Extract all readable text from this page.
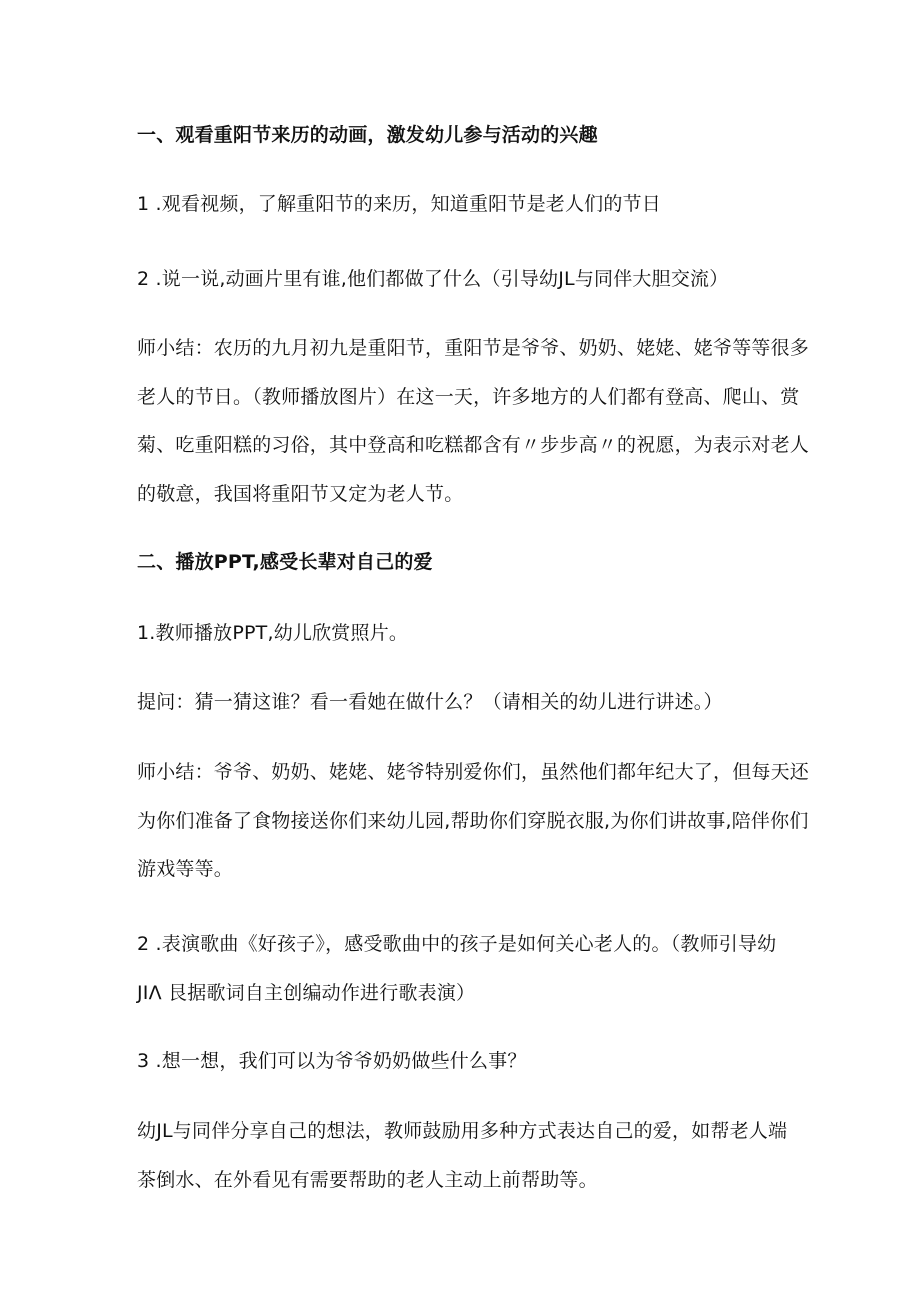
一、观看重阳节来历的动画，激发幼儿参与活动的兴趣
1 .观看视频，了解重阳节的来历，知道重阳节是老人们的节日
2 .说一说,动画片里有谁,他们都做了什么（引导幼JL与同伴大胆交流）
师小结：农历的九月初九是重阳节，重阳节是爷爷、奶奶、姥姥、姥爷等等很多
老人的节日。（教师播放图片）在这一天，许多地方的人们都有登高、爬山、赏
菊、吃重阳糕的习俗，其中登高和吃糕都含有〃步步高〃的祝愿，为表示对老人
的敬意，我国将重阳节又定为老人节。
二、播放PPT,感受长辈对自己的爱
1.教师播放PPT,幼儿欣赏照片。
提问：猜一猜这谁？看一看她在做什么？（请相关的幼儿进行讲述。）
师小结：爷爷、奶奶、姥姥、姥爷特别爱你们，虽然他们都年纪大了，但每天还
为你们准备了食物接送你们来幼儿园,帮助你们穿脱衣服,为你们讲故事,陪伴你们
游戏等等。
2 .表演歌曲《好孩子》，感受歌曲中的孩子是如何关心老人的。（教师引导幼
JIΛ 艮据歌词自主创编动作进行歌表演）
3 .想一想，我们可以为爷爷奶奶做些什么事？
幼JL与同伴分享自己的想法，教师鼓励用多种方式表达自己的爱，如帮老人端
茶倒水、在外看见有需要帮助的老人主动上前帮助等。
